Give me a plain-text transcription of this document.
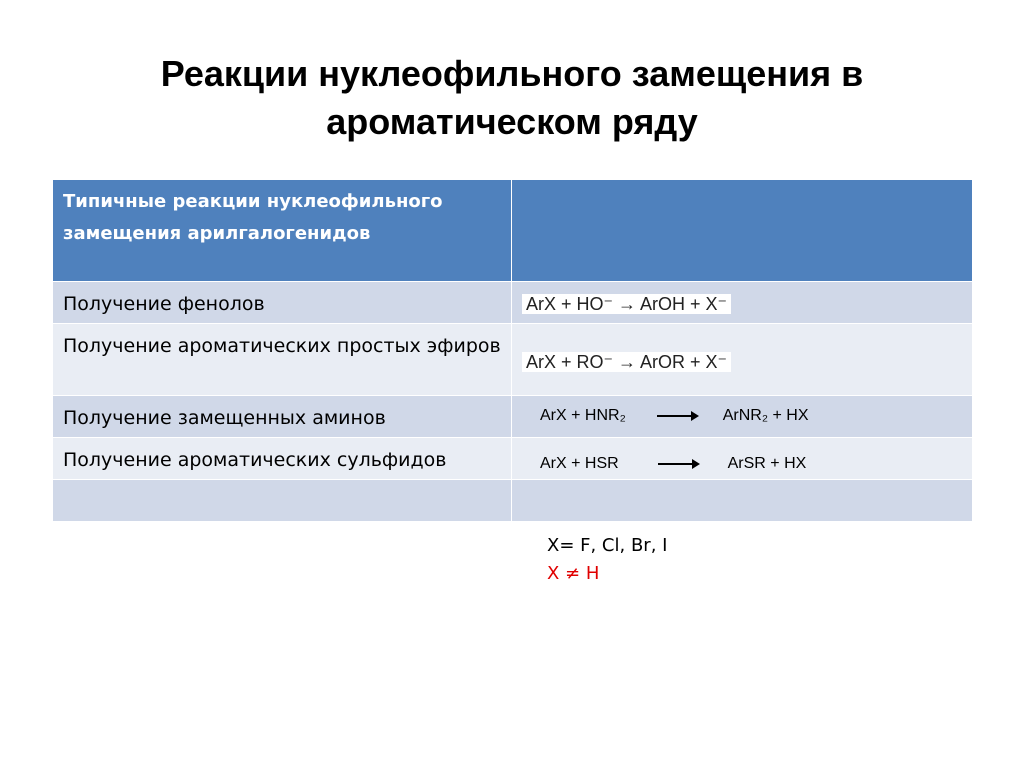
Реакции нуклеофильного замещения в ароматическом ряду
Типичные реакции нуклеофильного замещения арилгалогенидов	
Получение фенолов	ArX + HO⁻ → ArOH + X⁻
Получение ароматических простых эфиров	ArX + RO⁻ → ArOR + X⁻
Получение замещенных аминов	ArX + HNR₂ ArNR₂ + HX

Получение ароматических сульфидов	ArX + HSR ArSR + HX

X= F, Cl, Br, I
X ≠ H
